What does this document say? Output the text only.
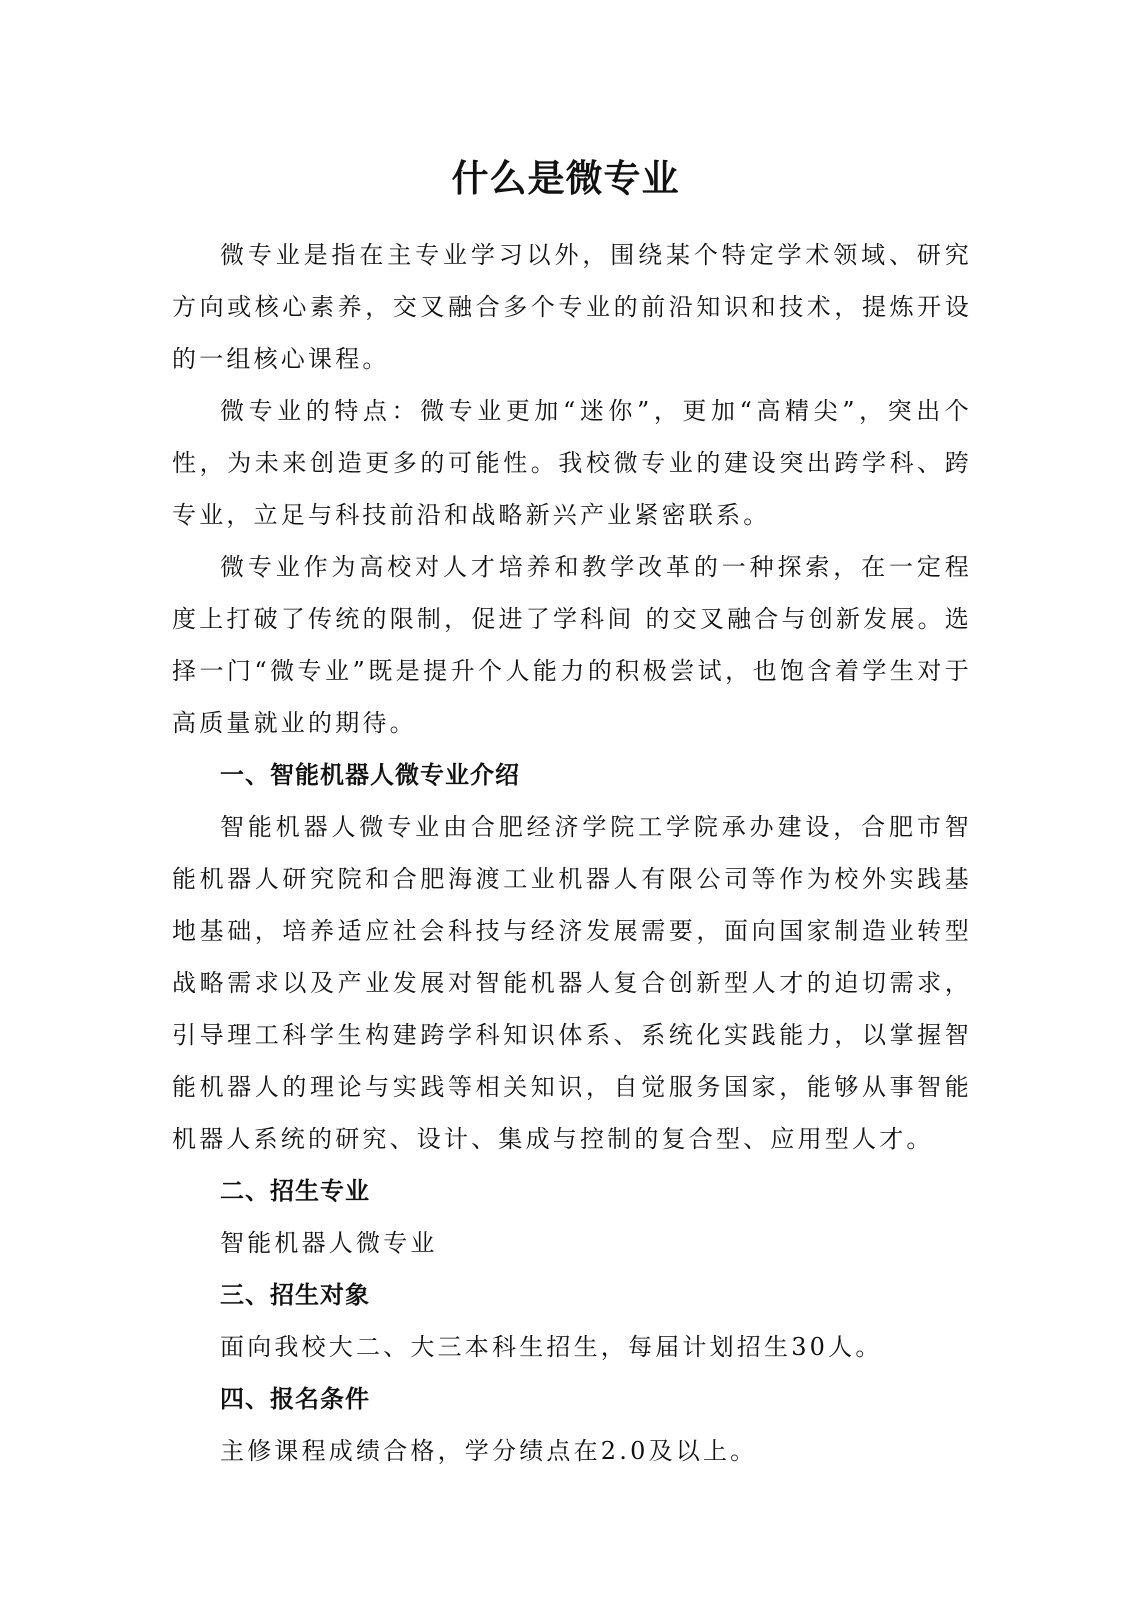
什么是微专业

微专业是指在主专业学习以外，围绕某个特定学术领域、研究方向或核心素养，交叉融合多个专业的前沿知识和技术，提炼开设的一组核心课程。

微专业的特点：微专业更加“迷你”，更加“高精尖”，突出个性，为未来创造更多的可能性。我校微专业的建设突出跨学科、跨专业，立足与科技前沿和战略新兴产业紧密联系。

微专业作为高校对人才培养和教学改革的一种探索，在一定程度上打破了传统的限制，促进了学科间 的交叉融合与创新发展。选择一门“微专业”既是提升个人能力的积极尝试，也饱含着学生对于高质量就业的期待。

一、智能机器人微专业介绍

智能机器人微专业由合肥经济学院工学院承办建设，合肥市智能机器人研究院和合肥海渡工业机器人有限公司等作为校外实践基地基础，培养适应社会科技与经济发展需要，面向国家制造业转型战略需求以及产业发展对智能机器人复合创新型人才的迫切需求，引导理工科学生构建跨学科知识体系、系统化实践能力，以掌握智能机器人的理论与实践等相关知识，自觉服务国家，能够从事智能机器人系统的研究、设计、集成与控制的复合型、应用型人才。

二、招生专业

智能机器人微专业

三、招生对象

面向我校大二、大三本科生招生，每届计划招生30人。

四、报名条件

主修课程成绩合格，学分绩点在2.0及以上。
